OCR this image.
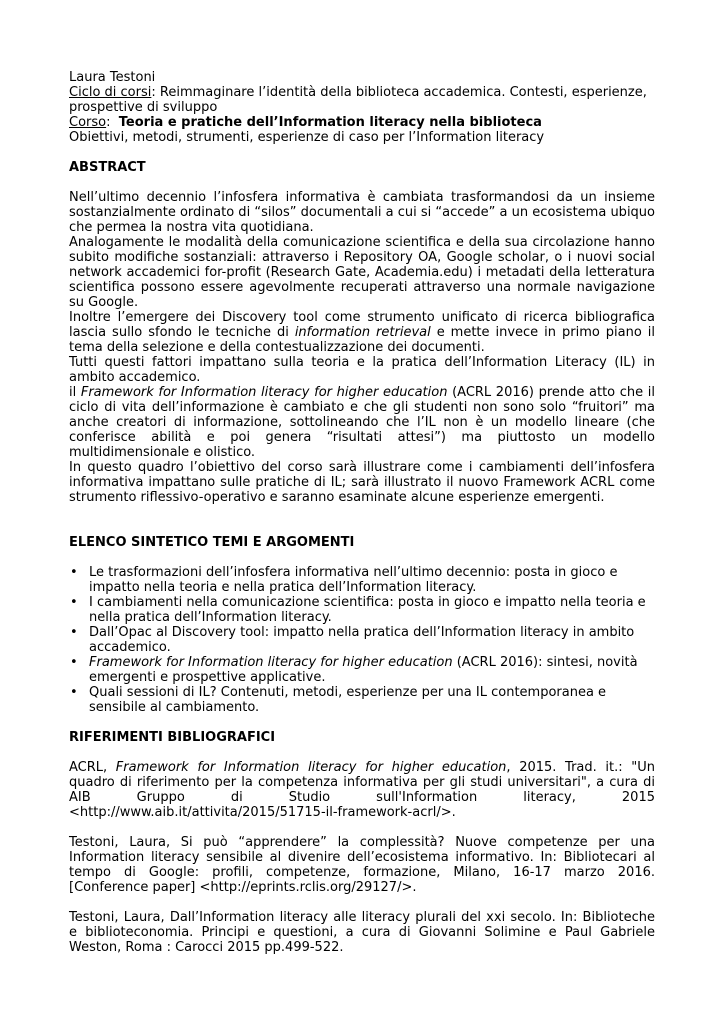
Laura Testoni

Ciclo di corsi: Reimmaginare l’identità della biblioteca accademica. Contesti, esperienze, prospettive di sviluppo

Corso:  Teoria e pratiche dell’Information literacy nella biblioteca

Obiettivi, metodi, strumenti, esperienze di caso per l’Information literacy

ABSTRACT

Nell’ultimo decennio l’infosfera informativa è cambiata trasformandosi da un insieme sostanzialmente ordinato di “silos” documentali a cui si “accede” a un ecosistema ubiquo che permea la nostra vita quotidiana.

Analogamente le modalità della comunicazione scientifica e della sua circolazione hanno subito modifiche sostanziali: attraverso i Repository OA, Google scholar, o i nuovi social network accademici for-profit (Research Gate, Academia.edu) i metadati della letteratura scientifica possono essere agevolmente recuperati attraverso una normale navigazione su Google.

Inoltre l’emergere dei Discovery tool come strumento unificato di ricerca bibliografica lascia sullo sfondo le tecniche di information retrieval e mette invece in primo piano il tema della selezione e della contestualizzazione dei documenti.

Tutti questi fattori impattano sulla teoria e la pratica dell’Information Literacy (IL) in ambito accademico.

il Framework for Information literacy for higher education (ACRL 2016) prende atto che il ciclo di vita dell’informazione è cambiato e che gli studenti non sono solo “fruitori” ma anche creatori di informazione, sottolineando che l’IL non è un modello lineare (che conferisce abilità e poi genera “risultati attesi”) ma piuttosto un modello multidimensionale e olistico.

In questo quadro l’obiettivo del corso sarà illustrare come i cambiamenti dell’infosfera informativa impattano sulle pratiche di IL; sarà illustrato il nuovo Framework ACRL come strumento riflessivo-operativo e saranno esaminate alcune esperienze emergenti.

ELENCO SINTETICO TEMI E ARGOMENTI
• Le trasformazioni dell’infosfera informativa nell’ultimo decennio: posta in gioco e impatto nella teoria e nella pratica dell’Information literacy.
• I cambiamenti nella comunicazione scientifica: posta in gioco e impatto nella teoria e nella pratica dell’Information literacy.
• Dall’Opac al Discovery tool: impatto nella pratica dell’Information literacy in ambito accademico.
• Framework for Information literacy for higher education (ACRL 2016): sintesi, novità emergenti e prospettive applicative.
• Quali sessioni di IL? Contenuti, metodi, esperienze per una IL contemporanea e sensibile al cambiamento.
RIFERIMENTI BIBLIOGRAFICI

ACRL, Framework for Information literacy for higher education, 2015. Trad. it.: "Un quadro di riferimento per la competenza informativa per gli studi universitari", a cura di AIB Gruppo di Studio sull'Information literacy, 2015 <http://www.aib.it/attivita/2015/51715-il-framework-acrl/>.

Testoni, Laura, Si può “apprendere” la complessità? Nuove competenze per una Information literacy sensibile al divenire dell’ecosistema informativo. In: Bibliotecari al tempo di Google: profili, competenze, formazione, Milano, 16-17 marzo 2016. [Conference paper] <http://eprints.rclis.org/29127/>.

Testoni, Laura, Dall’Information literacy alle literacy plurali del xxi secolo. In: Biblioteche e biblioteconomia. Principi e questioni, a cura di Giovanni Solimine e Paul Gabriele Weston, Roma : Carocci 2015 pp.499-522.
